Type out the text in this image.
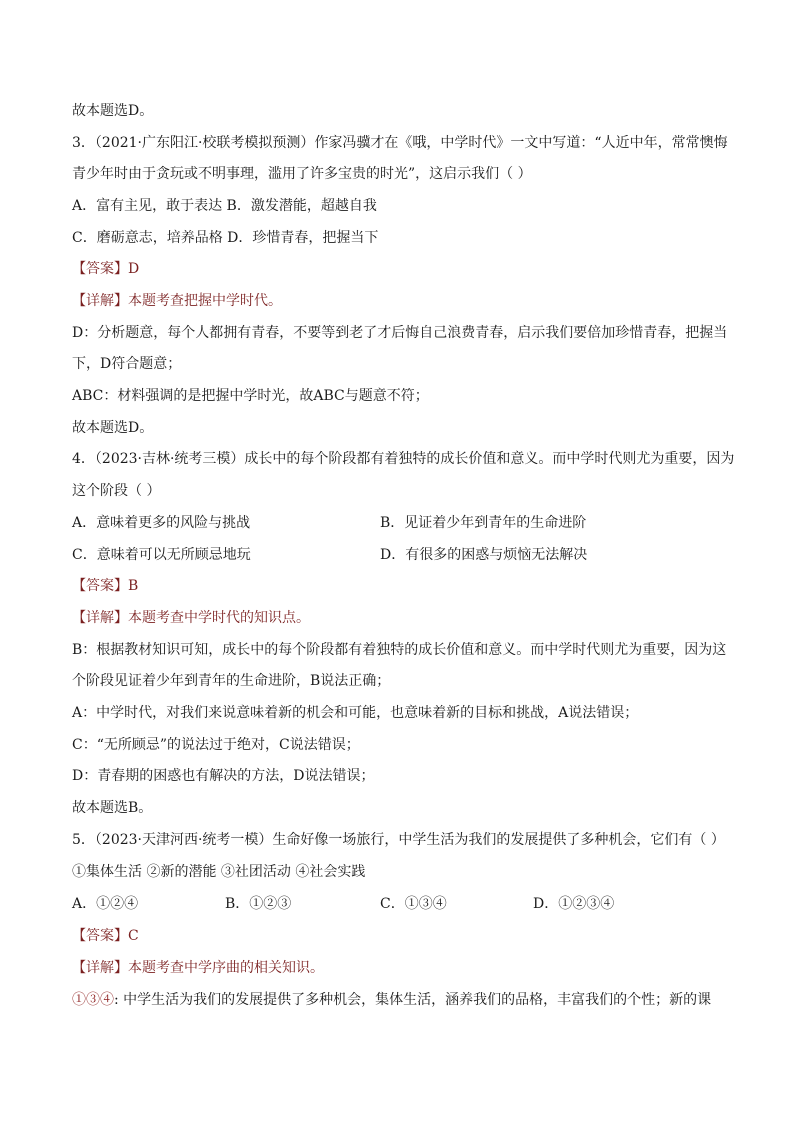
故本题选D。
3．（2021·广东阳江·校联考模拟预测）作家冯骥才在《哦，中学时代》一文中写道：“人近中年，常常懊悔
青少年时由于贪玩或不明事理，滥用了许多宝贵的时光”，这启示我们（ ）
A．富有主见，敢于表达 B．激发潜能，超越自我
C．磨砺意志，培养品格 D．珍惜青春，把握当下
【答案】D
【详解】本题考查把握中学时代。
D：分析题意，每个人都拥有青春，不要等到老了才后悔自己浪费青春，启示我们要倍加珍惜青春，把握当
下，D符合题意；
ABC：材料强调的是把握中学时光，故ABC与题意不符；
故本题选D。
4．（2023·吉林·统考三模）成长中的每个阶段都有着独特的成长价值和意义。而中学时代则尤为重要，因为
这个阶段（ ）
A．意味着更多的风险与挑战	B．见证着少年到青年的生命进阶
C．意味着可以无所顾忌地玩	D．有很多的困惑与烦恼无法解决
【答案】B
【详解】本题考查中学时代的知识点。
B：根据教材知识可知，成长中的每个阶段都有着独特的成长价值和意义。而中学时代则尤为重要，因为这
个阶段见证着少年到青年的生命进阶，B说法正确；
A：中学时代，对我们来说意味着新的机会和可能，也意味着新的目标和挑战，A说法错误；
C：“无所顾忌”的说法过于绝对，C说法错误；
D：青春期的困惑也有解决的方法，D说法错误；
故本题选B。
5．（2023·天津河西·统考一模）生命好像一场旅行，中学生活为我们的发展提供了多种机会，它们有（ ）
①集体生活 ②新的潜能 ③社团活动 ④社会实践
A．①②④	B．①②③	C．①③④	D．①②③④
【答案】C
【详解】本题考查中学序曲的相关知识。
①③④: 中学生活为我们的发展提供了多种机会，集体生活，涵养我们的品格，丰富我们的个性；新的课
